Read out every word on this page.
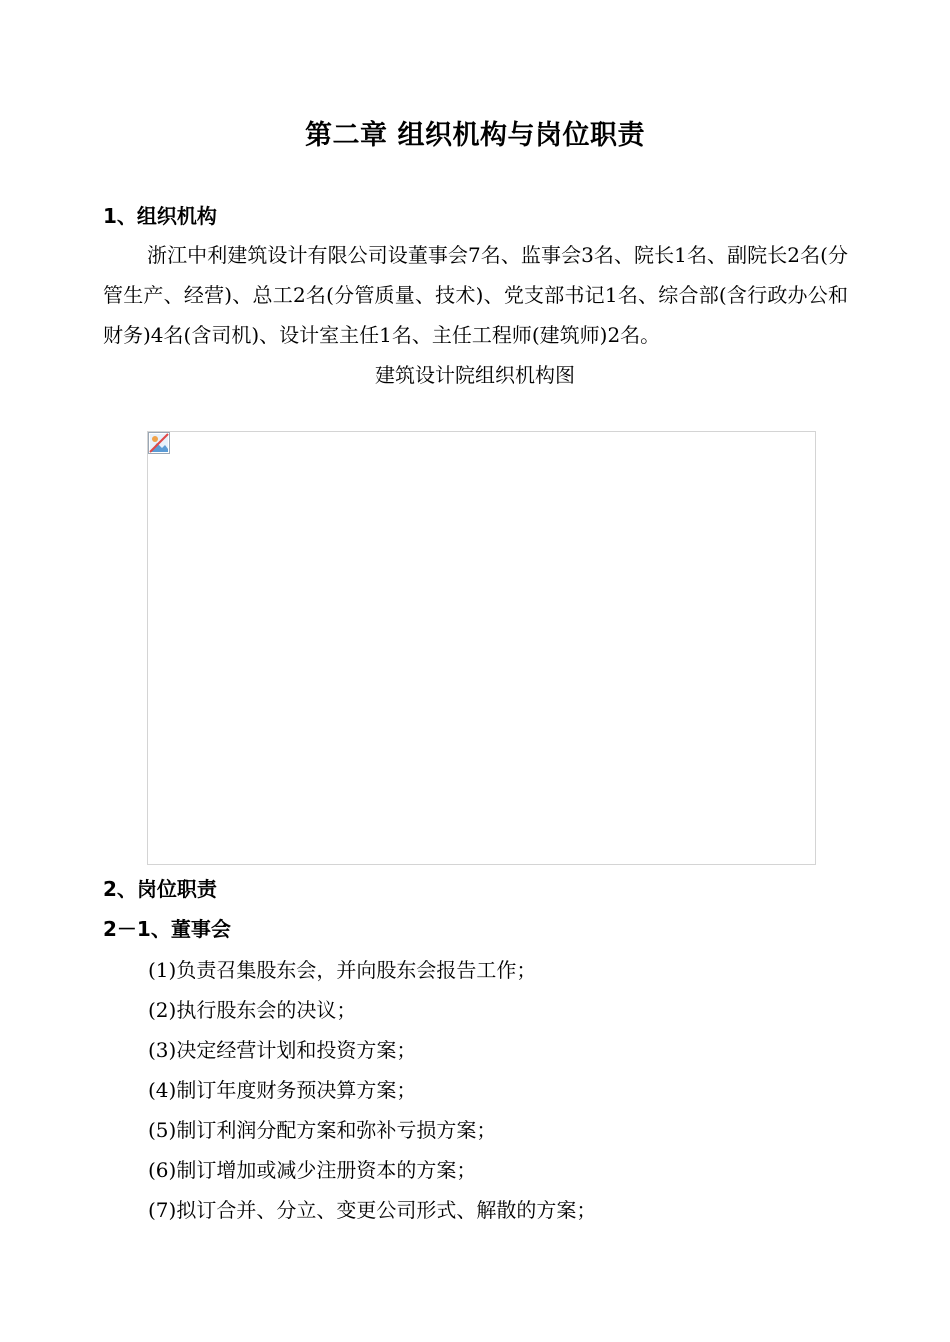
第二章 组织机构与岗位职责
1、组织机构
浙江中利建筑设计有限公司设董事会7名、监事会3名、院长1名、副院长2名(分管生产、经营)、总工2名(分管质量、技术)、党支部书记1名、综合部(含行政办公和财务)4名(含司机)、设计室主任1名、主任工程师(建筑师)2名。
建筑设计院组织机构图
2、岗位职责
2－1、董事会
(1)负责召集股东会，并向股东会报告工作；
(2)执行股东会的决议；
(3)决定经营计划和投资方案；
(4)制订年度财务预决算方案；
(5)制订利润分配方案和弥补亏损方案；
(6)制订增加或减少注册资本的方案；
(7)拟订合并、分立、变更公司形式、解散的方案；
